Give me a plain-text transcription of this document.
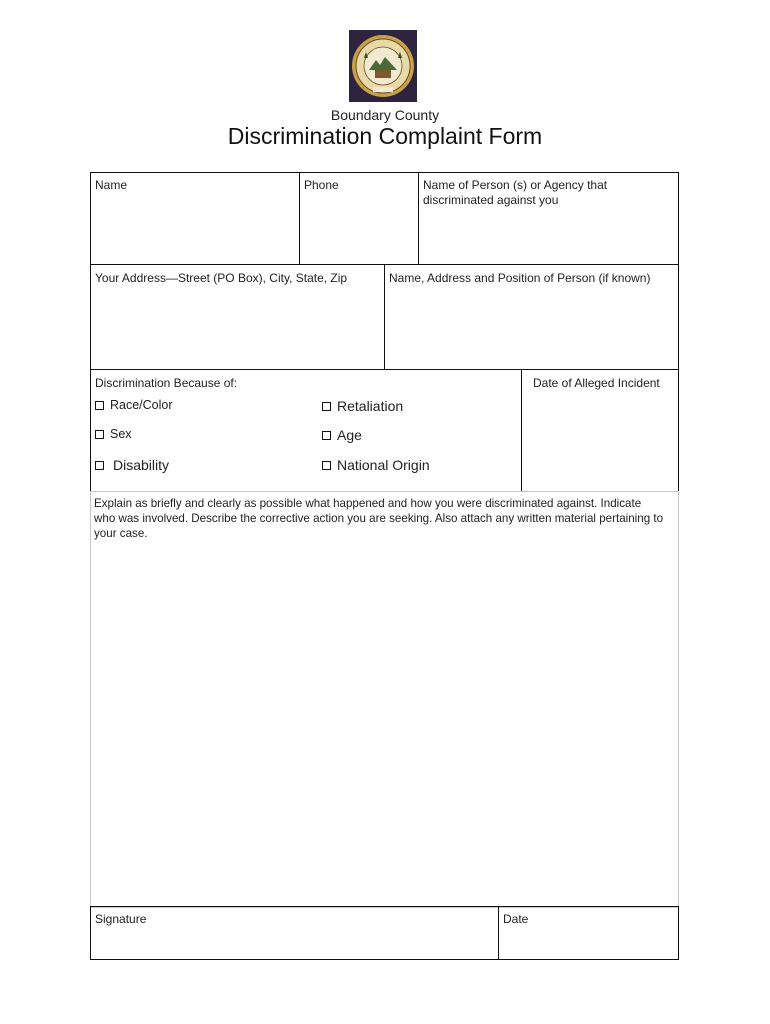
Boundary County
Discrimination Complaint Form
Name	Phone	Name of Person (s) or Agency that discriminated against you
Your Address—Street (PO Box), City, State, Zip	Name, Address and Position of Person (if known)
Discrimination Because of:
Race/Color
Sex
Disability
Retaliation
Age
National Origin
Date of Alleged Incident
Explain as briefly and clearly as possible what happened and how you were discriminated against. Indicate who was involved. Describe the corrective action you are seeking. Also attach any written material pertaining to your case.
Signature	Date
